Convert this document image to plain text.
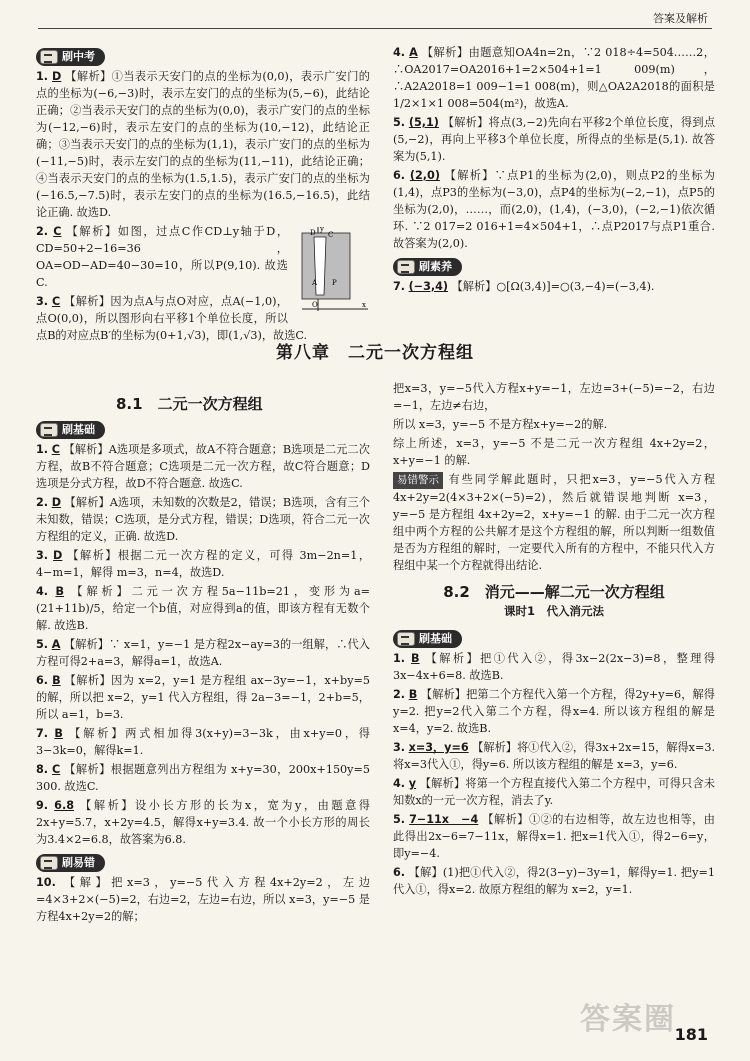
答案及解析
刷中考
1. D 【解析】①当表示天安门的点的坐标为(0,0)，表示广安门的点的坐标为(−6,−3)时，表示左安门的点的坐标为(5,−6)，此结论正确；②当表示天安门的点的坐标为(0,0)，表示广安门的点的坐标为(−12,−6)时，表示左安门的点的坐标为(10,−12)，此结论正确；③当表示天安门的点的坐标为(1,1)，表示广安门的点的坐标为(−11,−5)时，表示左安门的点的坐标为(11,−11)，此结论正确；④当表示天安门的点的坐标为(1.5,1.5)，表示广安门的点的坐标为(−16.5,−7.5)时，表示左安门的点的坐标为(16.5,−16.5)，此结论正确. 故选D.
D C
A P
O	x
y
2. C 【解析】如图，过点C作CD⊥y轴于D，CD=50+2−16=36，OA=OD−AD=40−30=10，所以P(9,10). 故选C.
3. C 【解析】因为点A与点O对应，点A(−1,0)，点O(0,0)，所以图形向右平移1个单位长度，所以点B的对应点B′的坐标为(0+1,√3)，即(1,√3)，故选C.
4. A 【解析】由题意知OA4n=2n，∵2 018÷4=504……2，∴OA2017=OA2016+1=2×504+1=1 009(m)，∴A2A2018=1 009−1=1 008(m)，则△OA2A2018的面积是1/2×1×1 008=504(m²)，故选A.
5. (5,1) 【解析】将点(3,−2)先向右平移2个单位长度，得到点(5,−2)，再向上平移3个单位长度，所得点的坐标是(5,1). 故答案为(5,1).
6. (2,0) 【解析】∵点P1的坐标为(2,0)，则点P2的坐标为(1,4)，点P3的坐标为(−3,0)，点P4的坐标为(−2,−1)，点P5的坐标为(2,0)，……，而(2,0)，(1,4)，(−3,0)，(−2,−1)依次循环. ∵2 017=2 016+1=4×504+1，∴点P2017与点P1重合. 故答案为(2,0).
刷素养
7. (−3,4) 【解析】○[Ω(3,4)]=○(3,−4)=(−3,4).
第八章　二元一次方程组
8.1　二元一次方程组
刷基础
1. C 【解析】A选项是多项式，故A不符合题意；B选项是二元二次方程，故B不符合题意；C选项是二元一次方程，故C符合题意；D选项是分式方程，故D不符合题意. 故选C.
2. D 【解析】A选项，未知数的次数是2，错误；B选项，含有三个未知数，错误；C选项，是分式方程，错误；D选项，符合二元一次方程组的定义，正确. 故选D.
3. D 【解析】根据二元一次方程的定义，可得 3m−2n=1，4−m=1，解得 m=3，n=4，故选D.
4. B 【解析】二元一次方程5a−11b=21，变形为a=(21+11b)/5，给定一个b值，对应得到a的值，即该方程有无数个解. 故选B.
5. A 【解析】∵ x=1，y=−1 是方程2x−ay=3的一组解，∴代入方程可得2+a=3，解得a=1，故选A.
6. B 【解析】因为 x=2，y=1 是方程组 ax−3y=−1，x+by=5 的解，所以把 x=2，y=1 代入方程组，得 2a−3=−1，2+b=5，所以 a=1，b=3.
7. B 【解析】两式相加得3(x+y)=3−3k，由x+y=0，得3−3k=0，解得k=1.
8. C 【解析】根据题意列出方程组为 x+y=30，200x+150y=5 300. 故选C.
9. 6.8 【解析】设小长方形的长为x，宽为y，由题意得 2x+y=5.7，x+2y=4.5，解得x+y=3.4. 故一个小长方形的周长为3.4×2=6.8，故答案为6.8.
刷易错
10. 【解】把x=3，y=−5代入方程4x+2y=2，左边=4×3+2×(−5)=2，右边=2，左边=右边，所以 x=3，y=−5 是方程4x+2y=2的解；
把x=3，y=−5代入方程x+y=−1，左边=3+(−5)=−2，右边=−1，左边≠右边，
所以 x=3，y=−5 不是方程x+y=−2的解.
综上所述，x=3，y=−5 不是二元一次方程组 4x+2y=2，x+y=−1 的解.
易错警示 有些同学解此题时，只把x=3，y=−5代入方程4x+2y=2(4×3+2×(−5)=2)，然后就错误地判断 x=3，y=−5 是方程组 4x+2y=2，x+y=−1 的解. 由于二元一次方程组中两个方程的公共解才是这个方程组的解，所以判断一组数值是否为方程组的解时，一定要代入所有的方程中，不能只代入方程组中某一个方程就得出结论.
8.2　消元——解二元一次方程组
课时1　代入消元法
刷基础
1. B 【解析】把①代入②，得3x−2(2x−3)=8，整理得3x−4x+6=8. 故选B.
2. B 【解析】把第二个方程代入第一个方程，得2y+y=6，解得y=2. 把y=2代入第二个方程，得x=4. 所以该方程组的解是 x=4，y=2. 故选B.
3. x=3，y=6 【解析】将①代入②，得3x+2x=15，解得x=3. 将x=3代入①，得y=6. 所以该方程组的解是 x=3，y=6.
4. y 【解析】将第一个方程直接代入第二个方程中，可得只含未知数x的一元一次方程，消去了y.
5. 7−11x　−4 【解析】①②的右边相等，故左边也相等，由此得出2x−6=7−11x，解得x=1. 把x=1代入①，得2−6=y，即y=−4.
6. 【解】(1)把①代入②，得2(3−y)−3y=1，解得y=1. 把y=1代入①，得x=2. 故原方程组的解为 x=2，y=1.
答案圈
181
